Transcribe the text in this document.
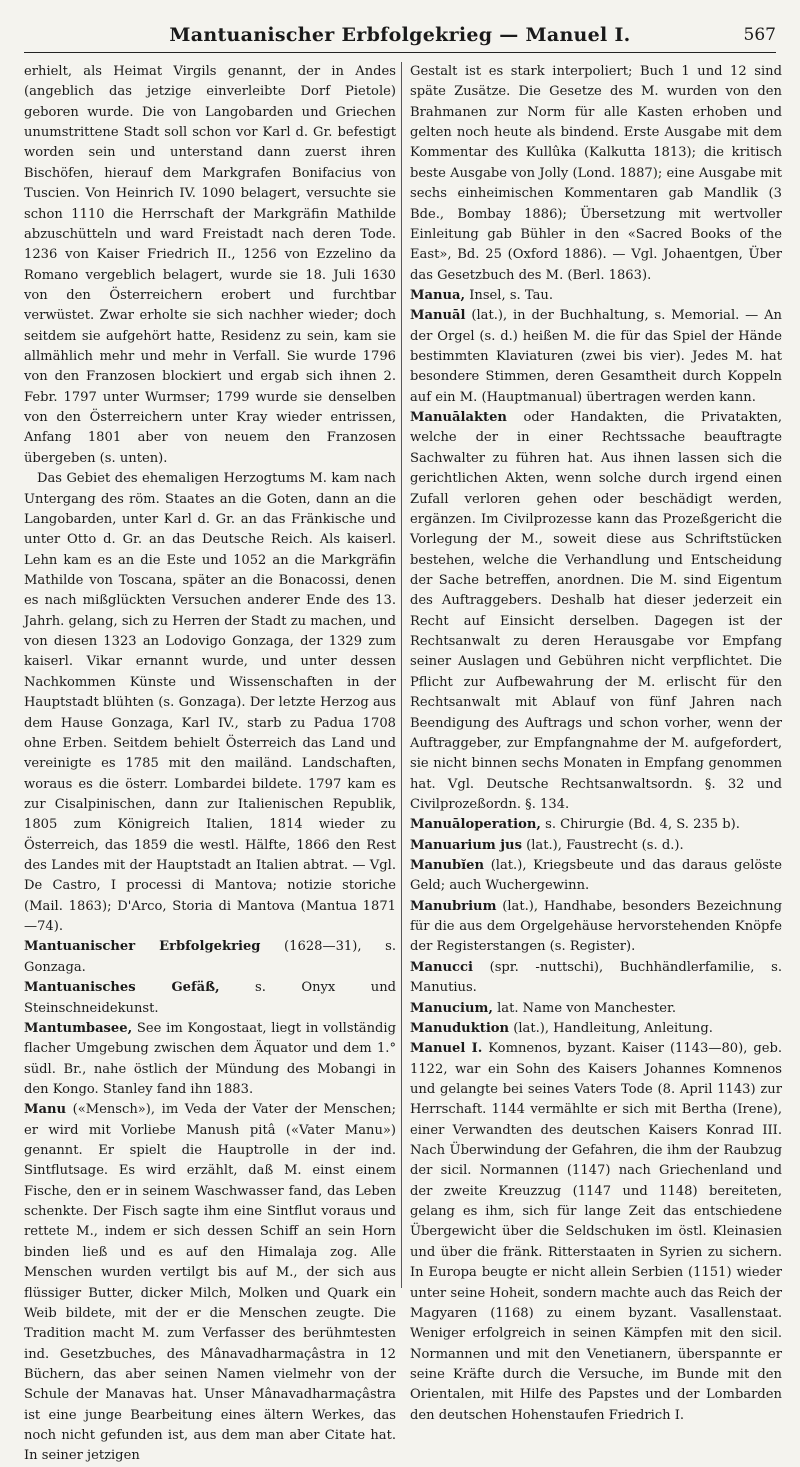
Mantuanischer Erbfolgekrieg — Manuel I.	567

erhielt, als Heimat Virgils genannt, der in Andes (angeblich das jetzige einverleibte Dorf Pietole) geboren wurde. Die von Langobarden und Griechen unumstrittene Stadt soll schon vor Karl d. Gr. befestigt worden sein und unterstand dann zuerst ihren Bischöfen, hierauf dem Markgrafen Bonifacius von Tuscien. Von Heinrich IV. 1090 belagert, versuchte sie schon 1110 die Herrschaft der Markgräfin Mathilde abzuschütteln und ward Freistadt nach deren Tode. 1236 von Kaiser Friedrich II., 1256 von Ezzelino da Romano vergeblich belagert, wurde sie 18. Juli 1630 von den Österreichern erobert und furchtbar verwüstet. Zwar erholte sie sich nachher wieder; doch seitdem sie aufgehört hatte, Residenz zu sein, kam sie allmählich mehr und mehr in Verfall. Sie wurde 1796 von den Franzosen blockiert und ergab sich ihnen 2. Febr. 1797 unter Wurmser; 1799 wurde sie denselben von den Österreichern unter Kray wieder entrissen, Anfang 1801 aber von neuem den Franzosen übergeben (s. unten).

Das Gebiet des ehemaligen Herzogtums M. kam nach Untergang des röm. Staates an die Goten, dann an die Langobarden, unter Karl d. Gr. an das Fränkische und unter Otto d. Gr. an das Deutsche Reich. Als kaiserl. Lehn kam es an die Este und 1052 an die Markgräfin Mathilde von Toscana, später an die Bonacossi, denen es nach mißglückten Versuchen anderer Ende des 13. Jahrh. gelang, sich zu Herren der Stadt zu machen, und von diesen 1323 an Lodovigo Gonzaga, der 1329 zum kaiserl. Vikar ernannt wurde, und unter dessen Nachkommen Künste und Wissenschaften in der Hauptstadt blühten (s. Gonzaga). Der letzte Herzog aus dem Hause Gonzaga, Karl IV., starb zu Padua 1708 ohne Erben. Seitdem behielt Österreich das Land und vereinigte es 1785 mit den mailänd. Landschaften, woraus es die österr. Lombardei bildete. 1797 kam es zur Cisalpinischen, dann zur Italienischen Republik, 1805 zum Königreich Italien, 1814 wieder zu Österreich, das 1859 die westl. Hälfte, 1866 den Rest des Landes mit der Hauptstadt an Italien abtrat. — Vgl. De Castro, I processi di Mantova; notizie storiche (Mail. 1863); D'Arco, Storia di Mantova (Mantua 1871—74).

Mantuanischer Erbfolgekrieg (1628—31), s. Gonzaga.

Mantuanisches Gefäß,	s. Onyx und Steinschneidekunst.

Mantumbasee, See im Kongostaat, liegt in vollständig flacher Umgebung zwischen dem Äquator und dem 1.° südl. Br., nahe östlich der Mündung des Mobangi in den Kongo. Stanley fand ihn 1883.

Manu («Mensch»), im Veda der Vater der Menschen; er wird mit Vorliebe Manush pitâ («Vater Manu») genannt. Er spielt die Hauptrolle in der ind. Sintflutsage. Es wird erzählt, daß M. einst einem Fische, den er in seinem Waschwasser fand, das Leben schenkte. Der Fisch sagte ihm eine Sintflut voraus und rettete M., indem er sich dessen Schiff an sein Horn binden ließ und es auf den Himalaja zog. Alle Menschen wurden vertilgt bis auf M., der sich aus flüssiger Butter, dicker Milch, Molken und Quark ein Weib bildete, mit der er die Menschen zeugte. Die Tradition macht M. zum Verfasser des berühmtesten ind. Gesetzbuches, des Mânavadharmaçâstra in 12 Büchern, das aber seinen Namen vielmehr von der Schule der Manavas hat. Unser Mânavadharmaçâstra ist eine junge Bearbeitung eines ältern Werkes, das noch nicht gefunden ist, aus dem man aber Citate hat. In seiner jetzigen

Gestalt ist es stark interpoliert; Buch 1 und 12 sind späte Zusätze. Die Gesetze des M. wurden von den Brahmanen zur Norm für alle Kasten erhoben und gelten noch heute als bindend. Erste Ausgabe mit dem Kommentar des Kullûka (Kalkutta 1813); die kritisch beste Ausgabe von Jolly (Lond. 1887); eine Ausgabe mit sechs einheimischen Kommentaren gab Mandlik (3 Bde., Bombay 1886); Übersetzung mit wertvoller Einleitung gab Bühler in den «Sacred Books of the East», Bd. 25 (Oxford 1886). — Vgl. Johaentgen, Über das Gesetzbuch des M. (Berl. 1863).

Manua, Insel, s. Tau.

Manuāl (lat.), in der Buchhaltung, s. Memorial. — An der Orgel (s. d.) heißen M. die für das Spiel der Hände bestimmten Klaviaturen (zwei bis vier). Jedes M. hat besondere Stimmen, deren Gesamtheit durch Koppeln auf ein M. (Hauptmanual) übertragen werden kann.

Manuālakten oder Handakten, die Privatakten, welche der in einer Rechtssache beauftragte Sachwalter zu führen hat. Aus ihnen lassen sich die gerichtlichen Akten, wenn solche durch irgend einen Zufall verloren gehen oder beschädigt werden, ergänzen. Im Civilprozesse kann das Prozeßgericht die Vorlegung der M., soweit diese aus Schriftstücken bestehen, welche die Verhandlung und Entscheidung der Sache betreffen, anordnen. Die M. sind Eigentum des Auftraggebers. Deshalb hat dieser jederzeit ein Recht auf Einsicht derselben. Dagegen ist der Rechtsanwalt zu deren Herausgabe vor Empfang seiner Auslagen und Gebühren nicht verpflichtet. Die Pflicht zur Aufbewahrung der M. erlischt für den Rechtsanwalt mit Ablauf von fünf Jahren nach Beendigung des Auftrags und schon vorher, wenn der Auftraggeber, zur Empfangnahme der M. aufgefordert, sie nicht binnen sechs Monaten in Empfang genommen hat. Vgl. Deutsche Rechtsanwaltsordn. §. 32 und Civilprozeßordn. §. 134.

Manuāloperation, s. Chirurgie (Bd. 4, S. 235 b).

Manuarium jus (lat.), Faustrecht (s. d.).

Manubĭen (lat.), Kriegsbeute und das daraus gelöste Geld; auch Wuchergewinn.

Manubrium (lat.), Handhabe, besonders Bezeichnung für die aus dem Orgelgehäuse hervorstehenden Knöpfe der Registerstangen (s. Register).

Manucci (spr. -nuttschi), Buchhändlerfamilie, s. Manutius.

Manucium, lat. Name von Manchester.

Manuduktion (lat.), Handleitung, Anleitung.

Manuel I. Komnenos, byzant. Kaiser (1143—80), geb. 1122, war ein Sohn des Kaisers Johannes Komnenos und gelangte bei seines Vaters Tode (8. April 1143) zur Herrschaft. 1144 vermählte er sich mit Bertha (Irene), einer Verwandten des deutschen Kaisers Konrad III. Nach Überwindung der Gefahren, die ihm der Raubzug der sicil. Normannen (1147) nach Griechenland und der zweite Kreuzzug (1147 und 1148) bereiteten, gelang es ihm, sich für lange Zeit das entschiedene Übergewicht über die Seldschuken im östl. Kleinasien und über die fränk. Ritterstaaten in Syrien zu sichern. In Europa beugte er nicht allein Serbien (1151) wieder unter seine Hoheit, sondern machte auch das Reich der Magyaren (1168) zu einem byzant. Vasallenstaat. Weniger erfolgreich in seinen Kämpfen mit den sicil. Normannen und mit den Venetianern, überspannte er seine Kräfte durch die Versuche, im Bunde mit den Orientalen, mit Hilfe des Papstes und der Lombarden den deutschen Hohenstaufen Friedrich I.
